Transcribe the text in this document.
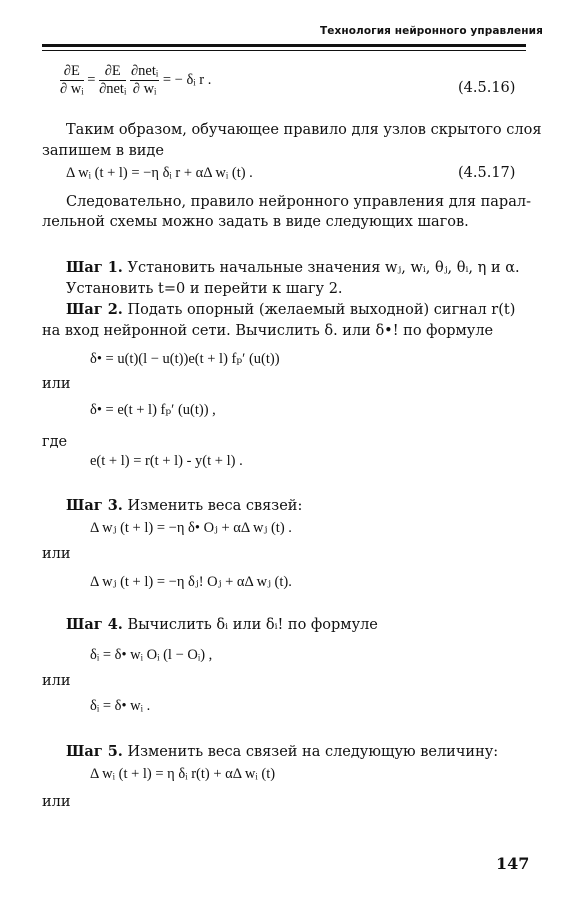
Технология нейронного управления
$\frac{\partial E}{\text{∂ wᵢ}} = \frac{\partial E}{\text{∂netᵢ}}$
$\frac{\text{∂netᵢ}}{\text{∂ wᵢ}}$ = − δᵢ r .
(4.5.16)
Таким образом, обучающее правило для узлов скрытого слоя
запишем в виде
Δ wᵢ (t + l) = −η δᵢ r + αΔ wᵢ (t) .	(4.5.17)
Следовательно, правило нейронного управления для парал-
лельной схемы можно задать в виде следующих шагов.
Шаг 1. Установить начальные значения wⱼ, wᵢ, θⱼ, θᵢ, η и α.
Установить t=0 и перейти к шагу 2.
Шаг 2. Подать опорный (желаемый выходной) сигнал r(t)
на вход нейронной сети. Вычислить δ. или δ•! по формуле
δ• = u(t)(l − u(t))e(t + l) fₚ′ (u(t))
или
δ• = e(t + l) fₚ′ (u(t)) ,
где
e(t + l) = r(t + l) - y(t + l) .
Шаг 3. Изменить веса связей:
Δ wⱼ (t + l) = −η δ• Oⱼ + αΔ wⱼ (t) .
или
Δ wⱼ (t + l) = −η δⱼ! Oⱼ + αΔ wⱼ (t).
Шаг 4. Вычислить δᵢ или δᵢ! по формуле
δᵢ = δ• wᵢ Oᵢ (l − Oᵢ) ,
или
δᵢ = δ• wᵢ .
Шаг 5. Изменить веса связей на следующую величину:
Δ wᵢ (t + l) = η δᵢ r(t) + αΔ wᵢ (t)
или
147
